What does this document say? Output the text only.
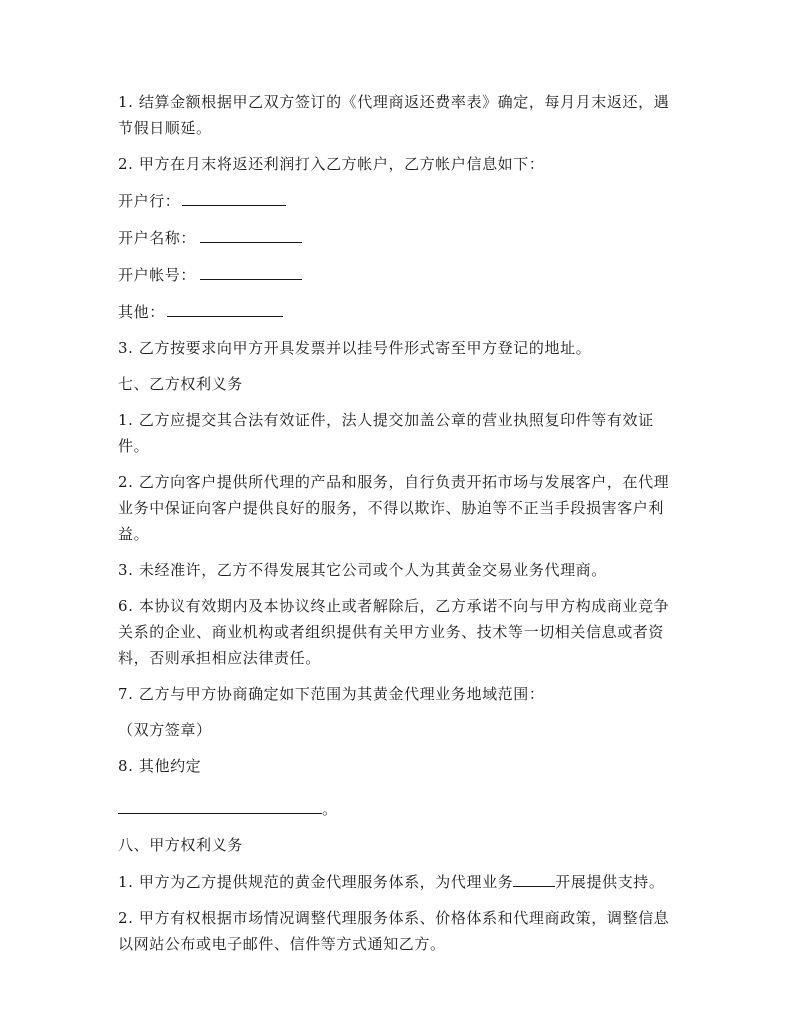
1. 结算金额根据甲乙双方签订的《代理商返还费率表》确定，每月月末返还，遇节假日顺延。

2. 甲方在月末将返还利润打入乙方帐户，乙方帐户信息如下：

开户行：

开户名称：

开户帐号：

其他：

3. 乙方按要求向甲方开具发票并以挂号件形式寄至甲方登记的地址。

七、乙方权利义务

1. 乙方应提交其合法有效证件，法人提交加盖公章的营业执照复印件等有效证件。

2. 乙方向客户提供所代理的产品和服务，自行负责开拓市场与发展客户，在代理业务中保证向客户提供良好的服务，不得以欺诈、胁迫等不正当手段损害客户利益。

3. 未经准许，乙方不得发展其它公司或个人为其黄金交易业务代理商。

6. 本协议有效期内及本协议终止或者解除后，乙方承诺不向与甲方构成商业竞争关系的企业、商业机构或者组织提供有关甲方业务、技术等一切相关信息或者资料，否则承担相应法律责任。

7. 乙方与甲方协商确定如下范围为其黄金代理业务地域范围：

（双方签章）

8. 其他约定

。

八、甲方权利义务

1. 甲方为乙方提供规范的黄金代理服务体系，为代理业务	开展提供支持。

2. 甲方有权根据市场情况调整代理服务体系、价格体系和代理商政策，调整信息以网站公布或电子邮件、信件等方式通知乙方。
